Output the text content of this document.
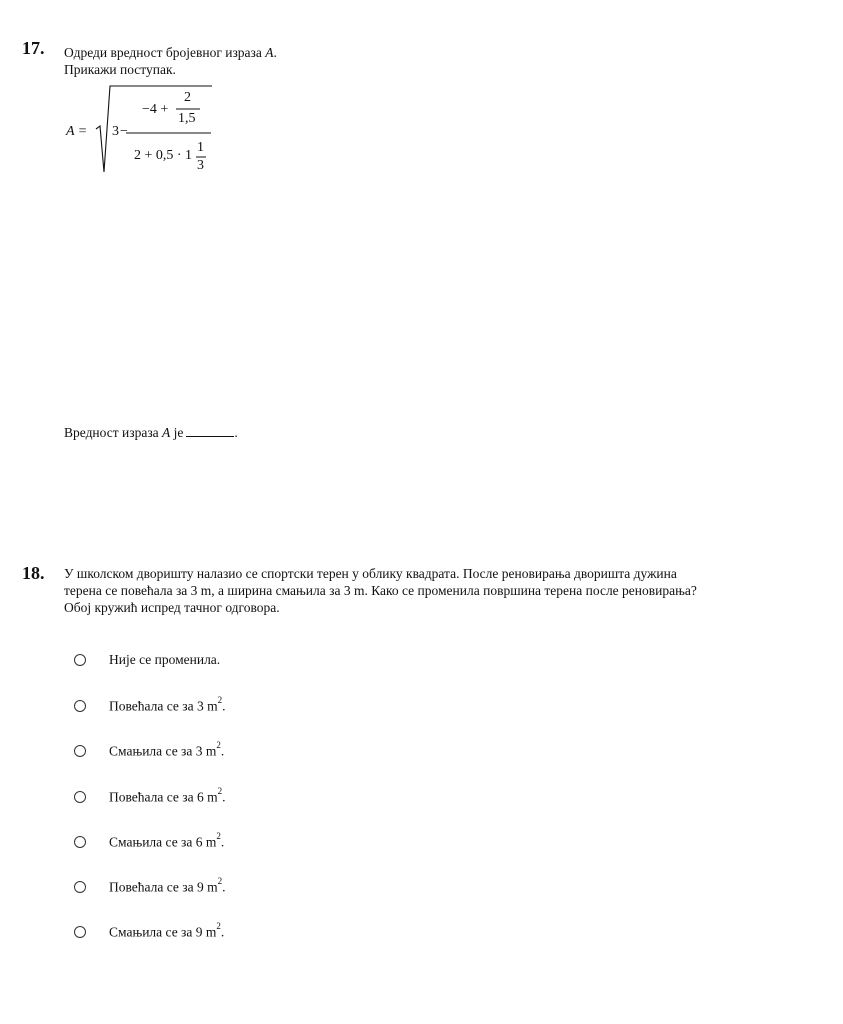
17. Одреди вредност бројевног израза A.
Прикажи поступак.
A = 3 −
−4 +
2
1,5
2 + 0,5 · 1
1
3
Вредност израза A је	.
18. У школском дворишту налазио се спортски терен у облику квадрата. После реновирања дворишта дужина
терена се повећала за 3 m, а ширина смањила за 3 m. Како се променила површина терена после реновирања?
Обој кружић испред тачног одговора.
Није се променила.
Повећала се за 3 $m^2$.
Смањила се за 3 $m^2$.
Повећала се за 6 $m^2$.
Смањила се за 6 $m^2$.
Повећала се за 9 $m^2$.
Смањила се за 9 $m^2$.
